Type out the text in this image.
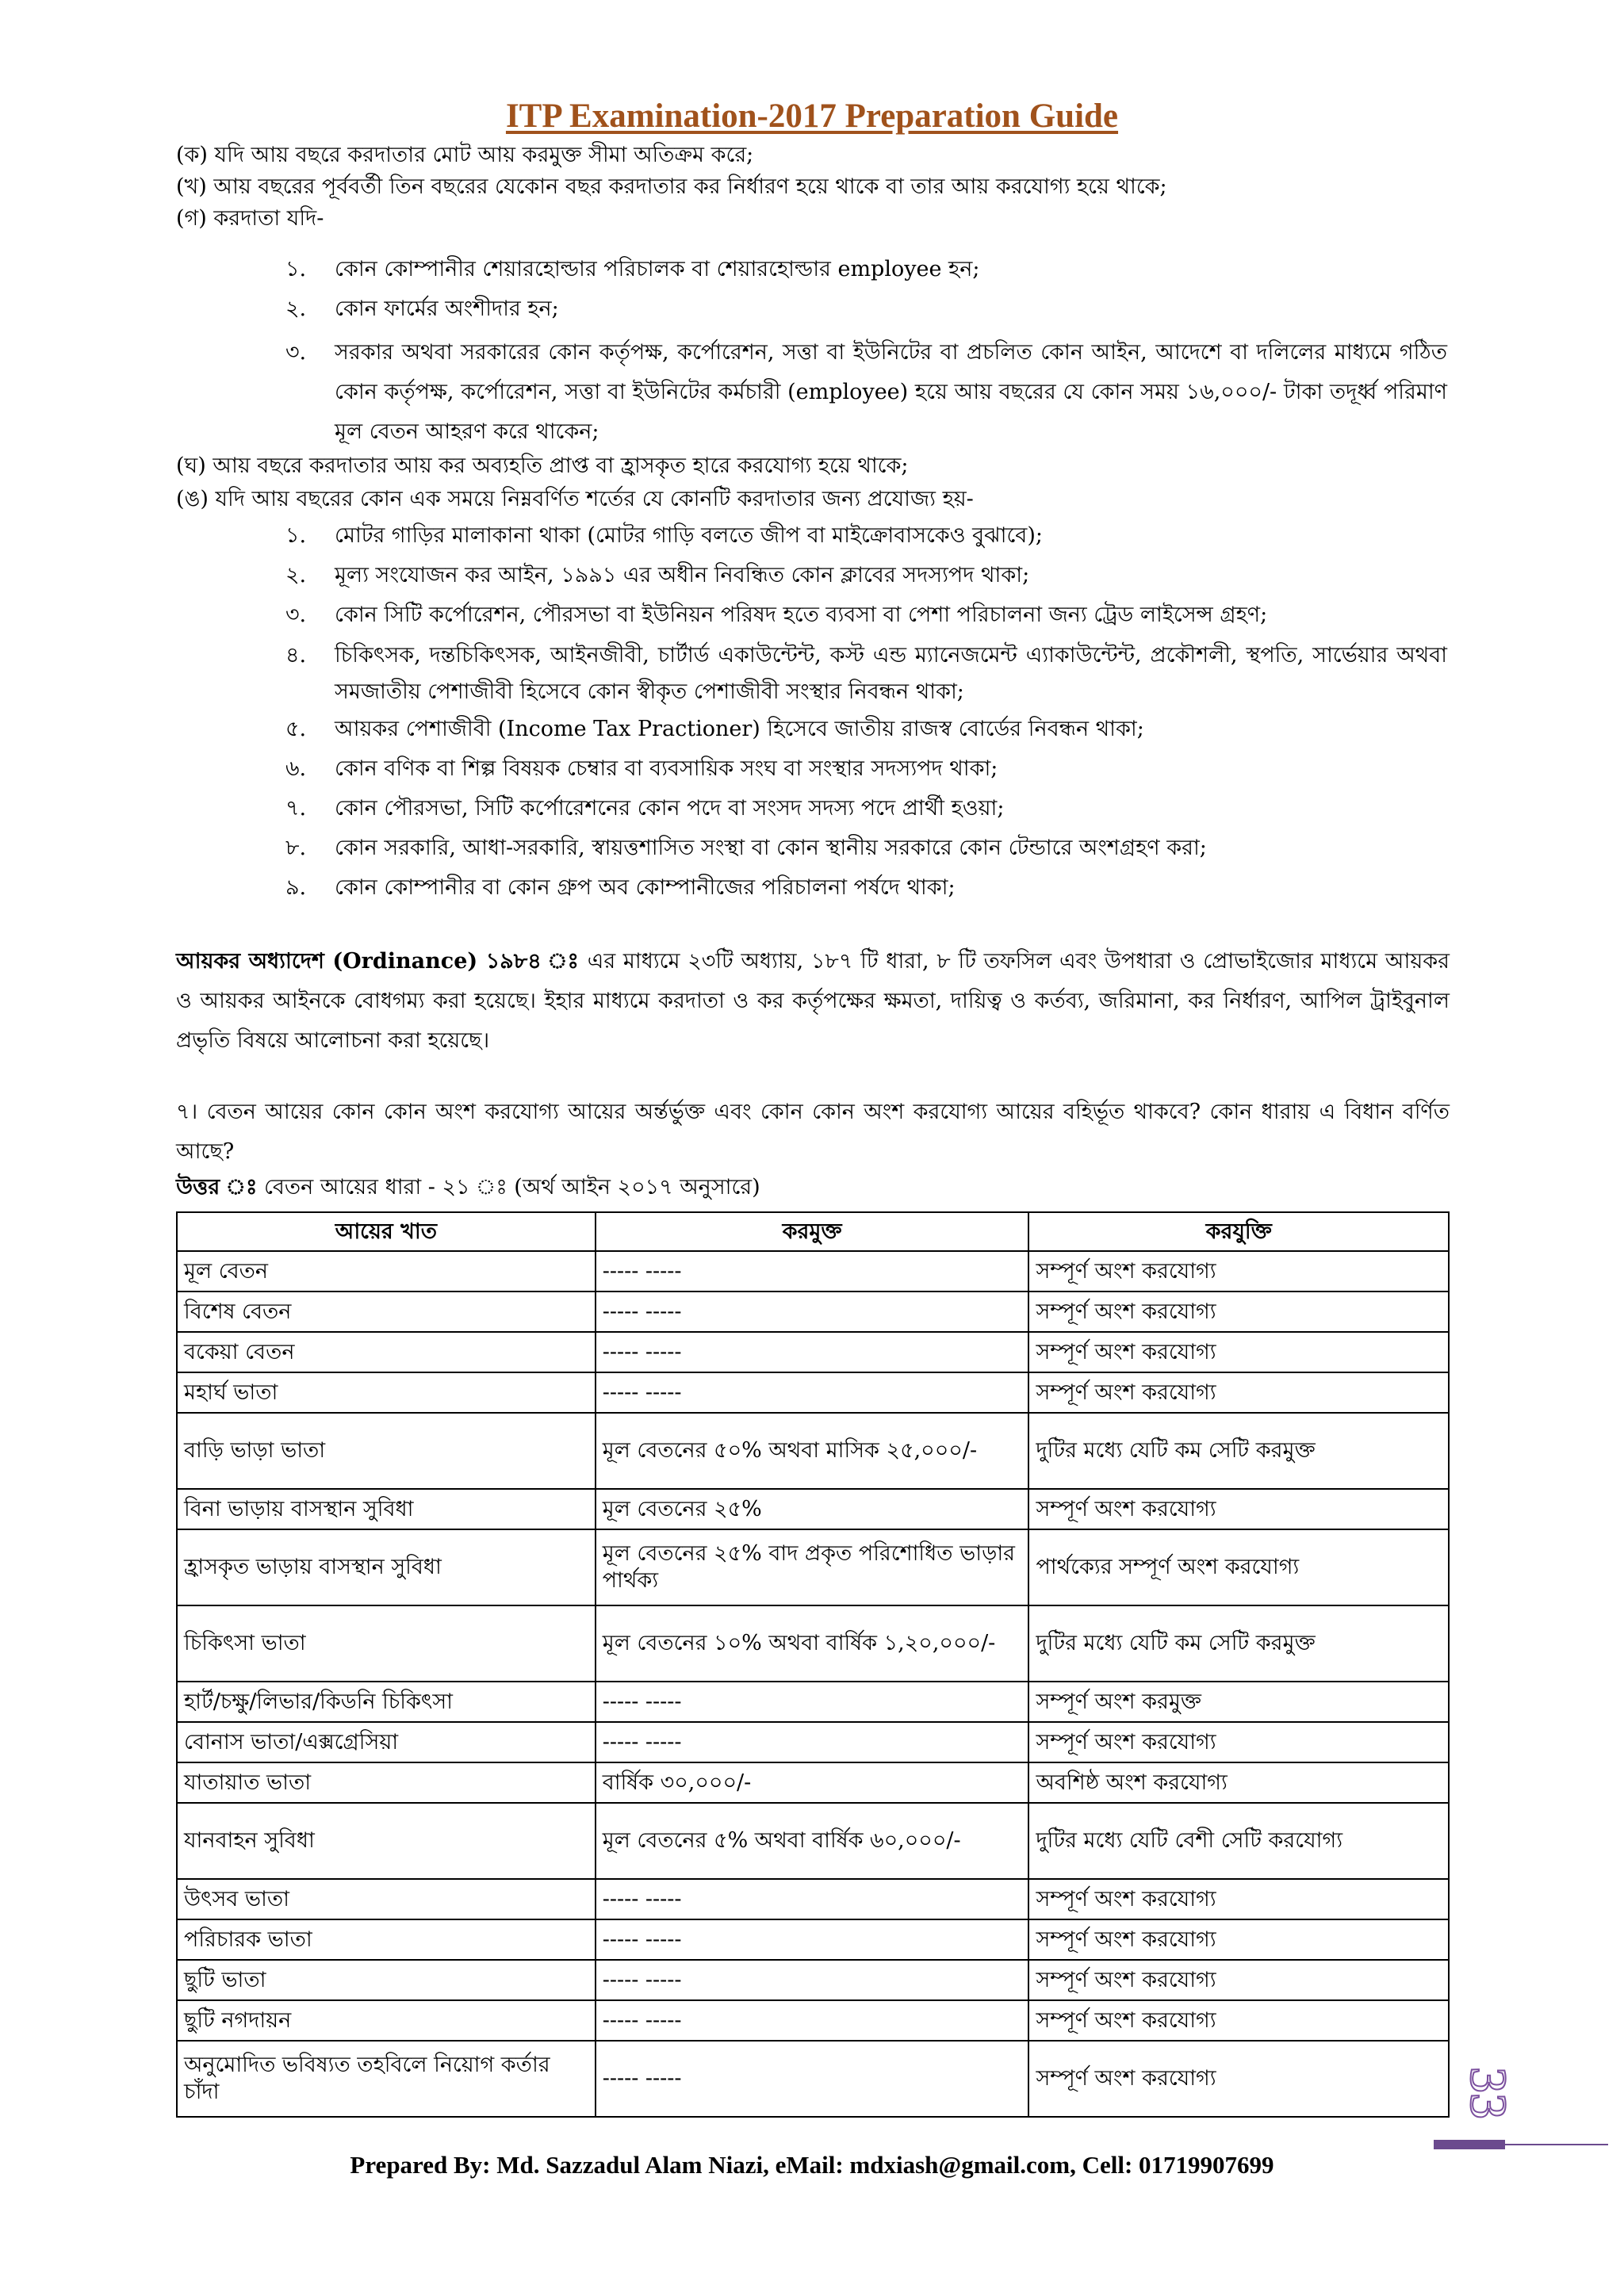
ITP Examination-2017 Preparation Guide
(ক) যদি আয় বছরে করদাতার মোট আয় করমুক্ত সীমা অতিক্রম করে;
(খ) আয় বছরের পূর্ববর্তী তিন বছরের যেকোন বছর করদাতার কর নির্ধারণ হয়ে থাকে বা তার আয় করযোগ্য হয়ে থাকে;
(গ) করদাতা যদি-
১. কোন কোম্পানীর শেয়ারহোল্ডার পরিচালক বা শেয়ারহোল্ডার employee হন;
২. কোন ফার্মের অংশীদার হন;
৩. সরকার অথবা সরকারের কোন কর্তৃপক্ষ, কর্পোরেশন, সত্তা বা ইউনিটের বা প্রচলিত কোন আইন, আদেশে বা দলিলের মাধ্যমে গঠিত কোন কর্তৃপক্ষ, কর্পোরেশন, সত্তা বা ইউনিটের কর্মচারী (employee) হয়ে আয় বছরের যে কোন সময় ১৬,০০০/- টাকা তদূর্ধ্ব পরিমাণ মূল বেতন আহরণ করে থাকেন;
(ঘ) আয় বছরে করদাতার আয় কর অব্যহতি প্রাপ্ত বা হ্রাসকৃত হারে করযোগ্য হয়ে থাকে;
(ঙ) যদি আয় বছরের কোন এক সময়ে নিম্নবর্ণিত শর্তের যে কোনটি করদাতার জন্য প্রযোজ্য হয়-
১. মোটর গাড়ির মালাকানা থাকা (মোটর গাড়ি বলতে জীপ বা মাইক্রোবাসকেও বুঝাবে);
২. মূল্য সংযোজন কর আইন, ১৯৯১ এর অধীন নিবন্ধিত কোন ক্লাবের সদস্যপদ থাকা;
৩. কোন সিটি কর্পোরেশন, পৌরসভা বা ইউনিয়ন পরিষদ হতে ব্যবসা বা পেশা পরিচালনা জন্য ট্রেড লাইসেন্স গ্রহণ;
৪. চিকিৎসক, দন্তচিকিৎসক, আইনজীবী, চার্টার্ড একাউন্টেন্ট, কস্ট এন্ড ম্যানেজমেন্ট এ্যাকাউন্টেন্ট, প্রকৌশলী, স্থপতি, সার্ভেয়ার অথবা সমজাতীয় পেশাজীবী হিসেবে কোন স্বীকৃত পেশাজীবী সংস্থার নিবন্ধন থাকা;
৫. আয়কর পেশাজীবী (Income Tax Practioner) হিসেবে জাতীয় রাজস্ব বোর্ডের নিবন্ধন থাকা;
৬. কোন বণিক বা শিল্প বিষয়ক চেম্বার বা ব্যবসায়িক সংঘ বা সংস্থার সদস্যপদ থাকা;
৭. কোন পৌরসভা, সিটি কর্পোরেশনের কোন পদে বা সংসদ সদস্য পদে প্রার্থী হওয়া;
৮. কোন সরকারি, আধা-সরকারি, স্বায়ত্তশাসিত সংস্থা বা কোন স্থানীয় সরকারে কোন টেন্ডারে অংশগ্রহণ করা;
৯. কোন কোম্পানীর বা কোন গ্রুপ অব কোম্পানীজের পরিচালনা পর্ষদে থাকা;
আয়কর অধ্যাদেশ (Ordinance) ১৯৮৪ ঃ এর মাধ্যমে ২৩টি অধ্যায়, ১৮৭ টি ধারা, ৮ টি তফসিল এবং উপধারা ও প্রোভাইজোর মাধ্যমে আয়কর ও আয়কর আইনকে বোধগম্য করা হয়েছে। ইহার মাধ্যমে করদাতা ও কর কর্তৃপক্ষের ক্ষমতা, দায়িত্ব ও কর্তব্য, জরিমানা, কর নির্ধারণ, আপিল ট্রাইবুনাল প্রভৃতি বিষয়ে আলোচনা করা হয়েছে।
৭। বেতন আয়ের কোন কোন অংশ করযোগ্য আয়ের অর্ন্তর্ভুক্ত এবং কোন কোন অংশ করযোগ্য আয়ের বহির্ভূত থাকবে? কোন ধারায় এ বিধান বর্ণিত আছে?
উত্তর ঃ বেতন আয়ের ধারা - ২১ ঃ (অর্থ আইন ২০১৭ অনুসারে)
আয়ের খাত	করমুক্ত	করযুক্তি
মূল বেতন	----- -----	সম্পূর্ণ অংশ করযোগ্য
বিশেষ বেতন	----- -----	সম্পূর্ণ অংশ করযোগ্য
বকেয়া বেতন	----- -----	সম্পূর্ণ অংশ করযোগ্য
মহার্ঘ ভাতা	----- -----	সম্পূর্ণ অংশ করযোগ্য
বাড়ি ভাড়া ভাতা	মূল বেতনের ৫০% অথবা মাসিক ২৫,০০০/-	দুটির মধ্যে যেটি কম সেটি করমুক্ত
বিনা ভাড়ায় বাসস্থান সুবিধা	মূল বেতনের ২৫%	সম্পূর্ণ অংশ করযোগ্য
হ্রাসকৃত ভাড়ায় বাসস্থান সুবিধা	মূল বেতনের ২৫% বাদ প্রকৃত পরিশোধিত ভাড়ার পার্থক্য	পার্থক্যের সম্পূর্ণ অংশ করযোগ্য
চিকিৎসা ভাতা	মূল বেতনের ১০% অথবা বার্ষিক ১,২০,০০০/-	দুটির মধ্যে যেটি কম সেটি করমুক্ত
হার্ট/চক্ষু/লিভার/কিডনি চিকিৎসা	----- -----	সম্পূর্ণ অংশ করমুক্ত
বোনাস ভাতা/এক্সগ্রেসিয়া	----- -----	সম্পূর্ণ অংশ করযোগ্য
যাতায়াত ভাতা	বার্ষিক ৩০,০০০/-	অবশিষ্ঠ অংশ করযোগ্য
যানবাহন সুবিধা	মূল বেতনের ৫% অথবা বার্ষিক ৬০,০০০/-	দুটির মধ্যে যেটি বেশী সেটি করযোগ্য
উৎসব ভাতা	----- -----	সম্পূর্ণ অংশ করযোগ্য
পরিচারক ভাতা	----- -----	সম্পূর্ণ অংশ করযোগ্য
ছুটি ভাতা	----- -----	সম্পূর্ণ অংশ করযোগ্য
ছুটি নগদায়ন	----- -----	সম্পূর্ণ অংশ করযোগ্য
অনুমোদিত ভবিষ্যত তহবিলে নিয়োগ কর্তার চাঁদা	----- -----	সম্পূর্ণ অংশ করযোগ্য	33
Prepared By: Md. Sazzadul Alam Niazi, eMail: mdxiash@gmail.com, Cell: 01719907699
